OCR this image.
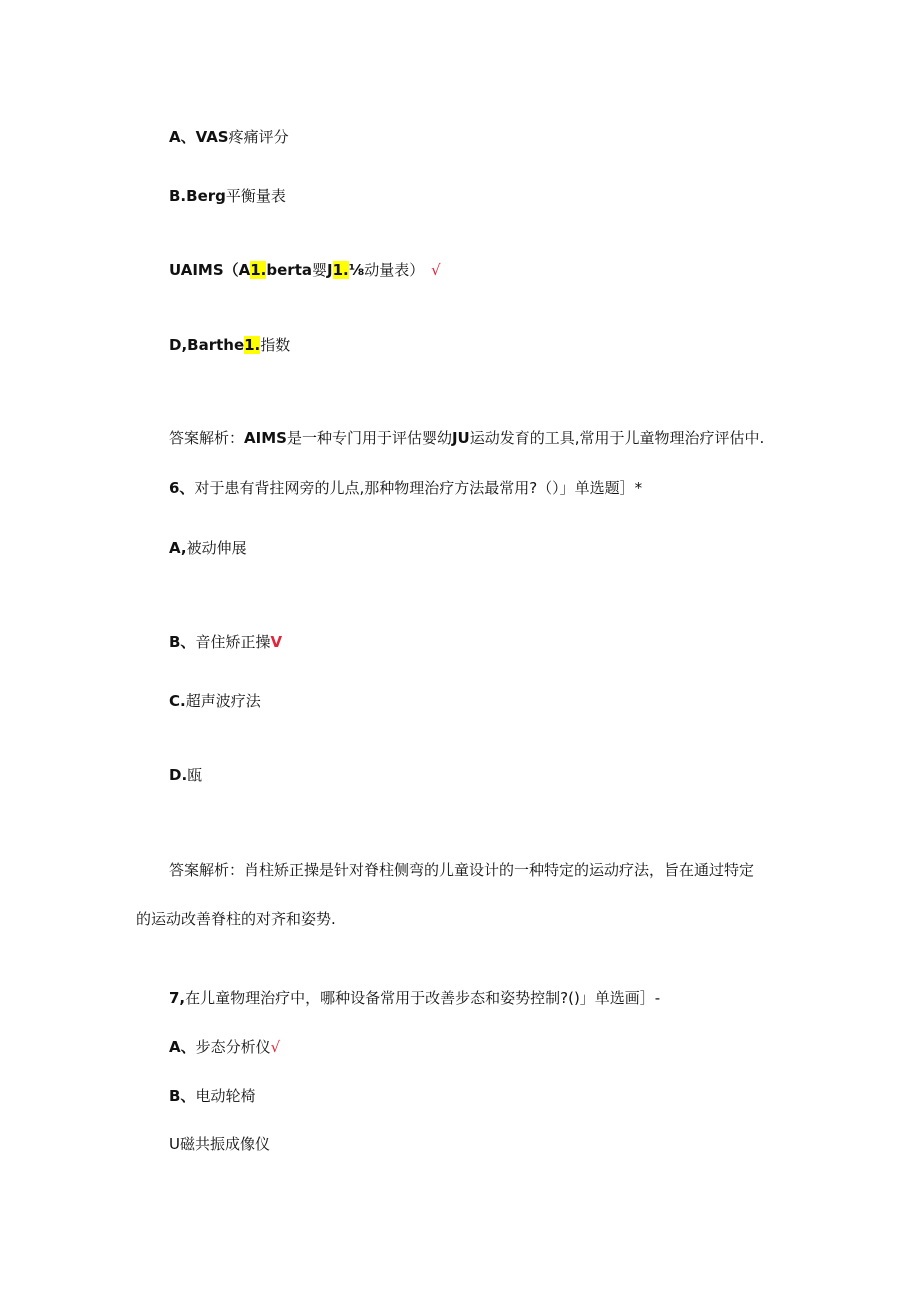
A、VAS疼痛评分
B.Berg平衡量表
UAIMS（A1.berta婴J1.⅛动量表） √
D,Barthe1.指数
答案解析：AIMS是一种专门用于评估婴幼JU运动发育的工具,常用于儿童物理治疗评估中.
6、对于患有背拄网旁的儿点,那种物理治疗方法最常用?（）」单选题］*
A,被动伸展
B、音住矫正操V
C.超声波疗法
D.瓯
答案解析：肖柱矫正操是针对脊柱侧弯的儿童设计的一种特定的运动疗法，旨在通过特定
的运动改善脊柱的对齐和姿势.
7,在儿童物理治疗中，哪种设备常用于改善步态和姿势控制?()」单选画］-
A、步态分析仪√
B、电动轮椅
U磁共振成像仪
